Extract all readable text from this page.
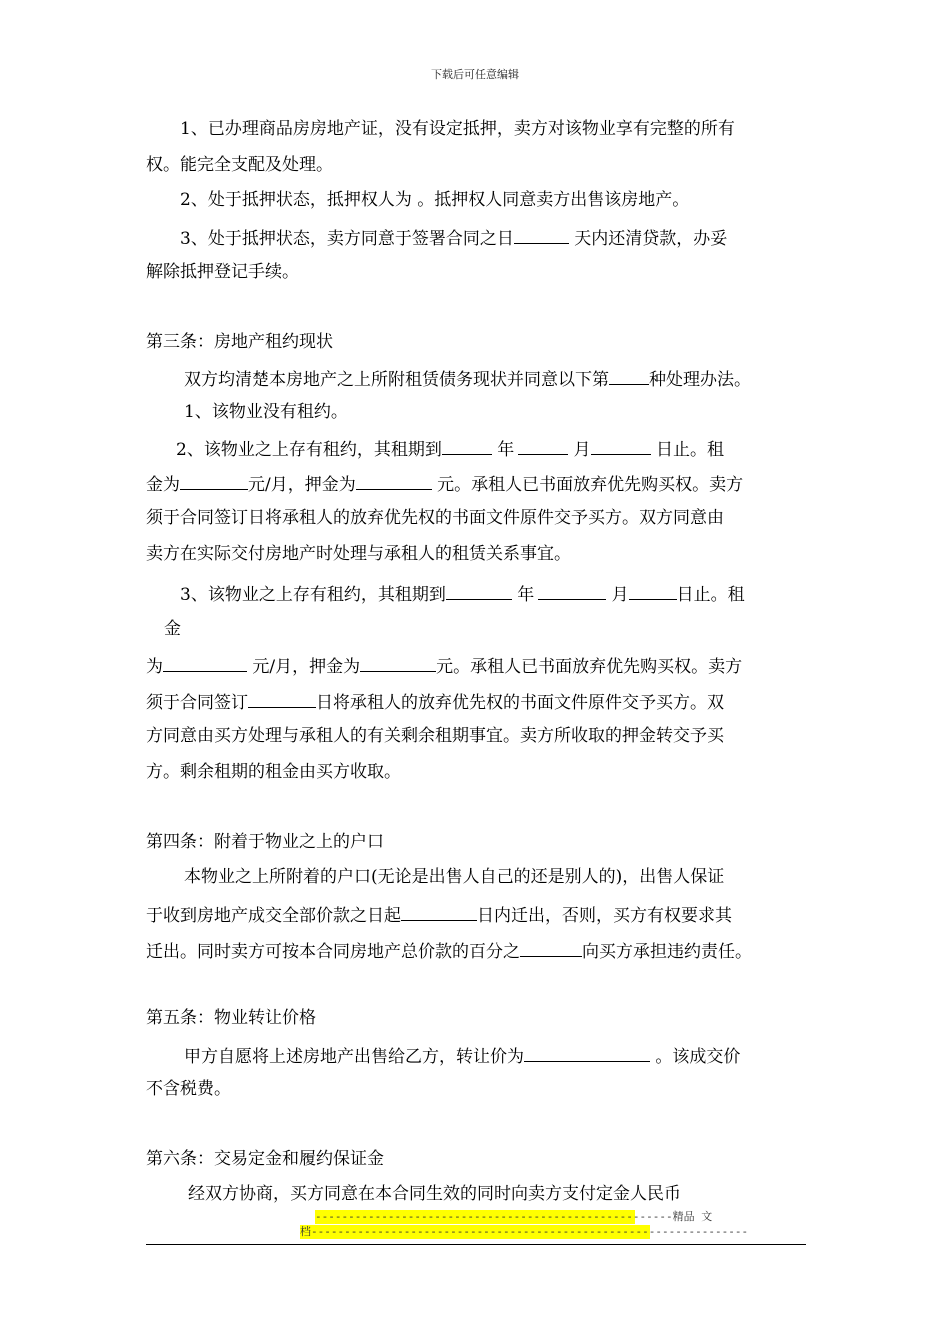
下载后可任意编辑
1、已办理商品房房地产证，没有设定抵押，卖方对该物业享有完整的所有
权。能完全支配及处理。
2、处于抵押状态，抵押权人为 。抵押权人同意卖方出售该房地产。
3、处于抵押状态，卖方同意于签署合同之日	天内还清贷款，办妥
解除抵押登记手续。
第三条：房地产租约现状
双方均清楚本房地产之上所附租赁债务现状并同意以下第 种处理办法。
1、该物业没有租约。
2、该物业之上存有租约，其租期到	年	月	日止。租
金为	元/月，押金为	元。承租人已书面放弃优先购买权。卖方
须于合同签订日将承租人的放弃优先权的书面文件原件交予买方。双方同意由
卖方在实际交付房地产时处理与承租人的租赁关系事宜。
3、该物业之上存有租约，其租期到	年	月	日止。租
金
为	元/月，押金为	元。承租人已书面放弃优先购买权。卖方
须于合同签订	日将承租人的放弃优先权的书面文件原件交予买方。双
方同意由买方处理与承租人的有关剩余租期事宜。卖方所收取的押金转交予买
方。剩余租期的租金由买方收取。
第四条：附着于物业之上的户口
本物业之上所附着的户口(无论是出售人自己的还是别人的)，出售人保证
于收到房地产成交全部价款之日起	日内迁出，否则，买方有权要求其
迁出。同时卖方可按本合同房地产总价款的百分之	向买方承担违约责任。
第五条：物业转让价格
甲方自愿将上述房地产出售给乙方，转让价为	。该成交价
不含税费。
第六条：交易定金和履约保证金
经双方协商，买方同意在本合同生效的同时向卖方支付定金人民币
------------------------------------------------------精品 文
档------------------------------------------------------------------
